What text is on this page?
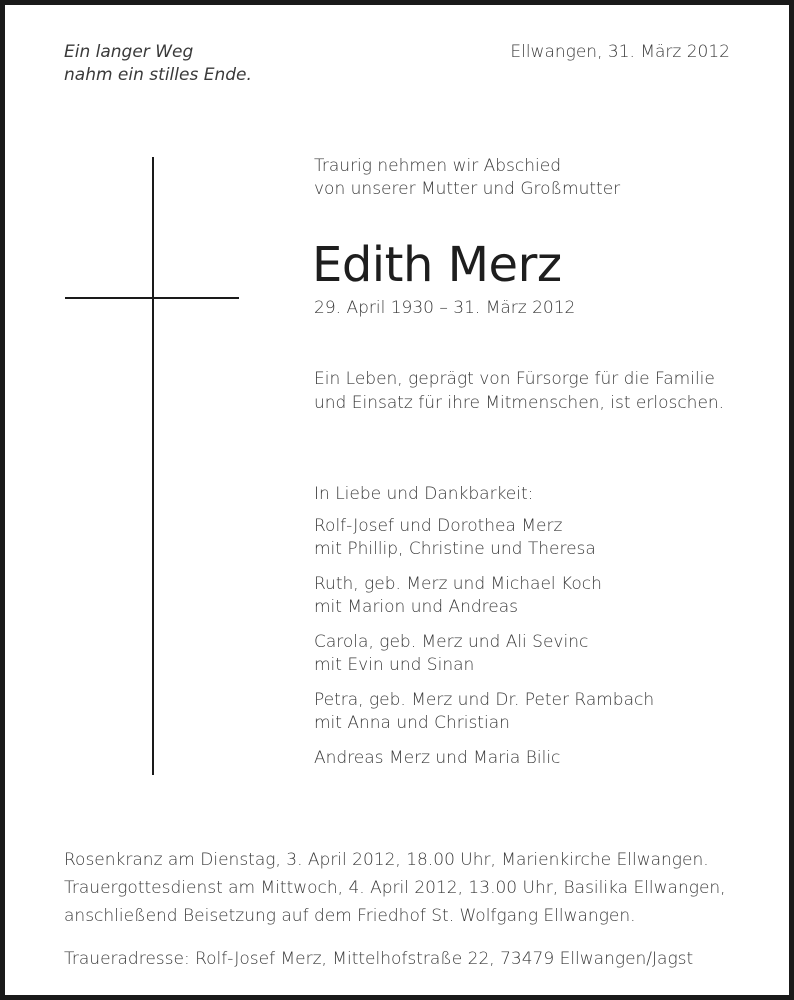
Ein langer Weg
nahm ein stilles Ende.
Ellwangen, 31. März 2012
Traurig nehmen wir Abschied
von unserer Mutter und Großmutter
Edith Merz
29. April 1930 – 31. März 2012
Ein Leben, geprägt von Fürsorge für die Familie
und Einsatz für ihre Mitmenschen, ist erloschen.
In Liebe und Dankbarkeit:
Rolf-Josef und Dorothea Merz
mit Phillip, Christine und Theresa
Ruth, geb. Merz und Michael Koch
mit Marion und Andreas
Carola, geb. Merz und Ali Sevinc
mit Evin und Sinan
Petra, geb. Merz und Dr. Peter Rambach
mit Anna und Christian
Andreas Merz und Maria Bilic
Rosenkranz am Dienstag, 3. April 2012, 18.00 Uhr, Marienkirche Ellwangen.
Trauergottesdienst am Mittwoch, 4. April 2012, 13.00 Uhr, Basilika Ellwangen,
anschließend Beisetzung auf dem Friedhof St. Wolfgang Ellwangen.
Traueradresse: Rolf-Josef Merz, Mittelhofstraße 22, 73479 Ellwangen/Jagst
